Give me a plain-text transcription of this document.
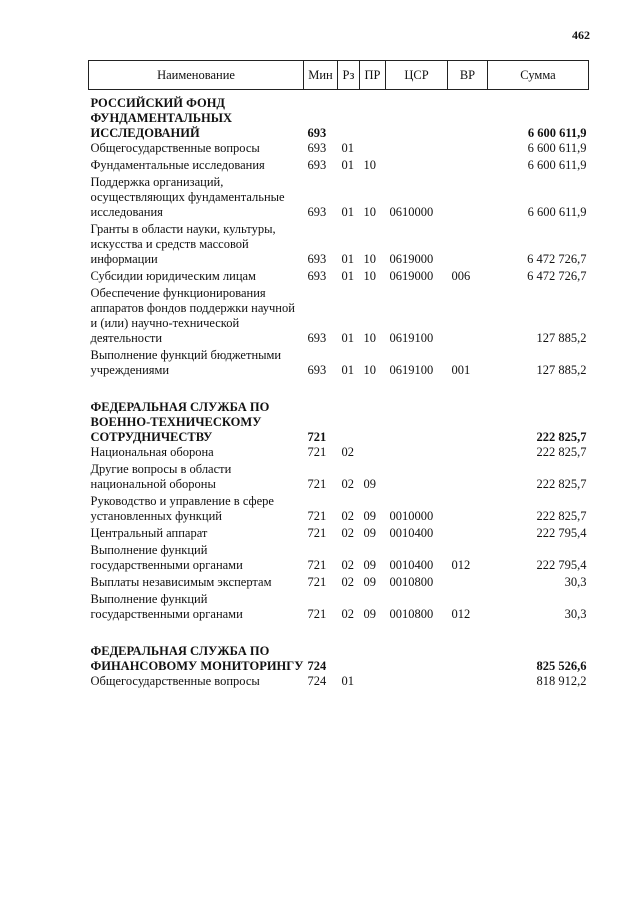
462
Наименование	Мин	Рз	ПР	ЦСР	ВР	Сумма

РОССИЙСКИЙ ФОНД ФУНДАМЕНТАЛЬНЫХ ИССЛЕДОВАНИЙ	693					6 600 611,9
Общегосударственные вопросы	693	01				6 600 611,9
Фундаментальные исследования	693	01	10			6 600 611,9
Поддержка организаций, осуществляющих фундаментальные исследования	693	01	10	0610000		6 600 611,9
Гранты в области науки, культуры, искусства и средств массовой информации	693	01	10	0619000		6 472 726,7
Субсидии юридическим лицам	693	01	10	0619000	006	6 472 726,7
Обеспечение функционирования аппаратов фондов поддержки научной и (или) научно-технической деятельности	693	01	10	0619100		127 885,2
Выполнение функций бюджетными учреждениями	693	01	10	0619100	001	127 885,2

ФЕДЕРАЛЬНАЯ СЛУЖБА ПО ВОЕННО-ТЕХНИЧЕСКОМУ СОТРУДНИЧЕСТВУ	721					222 825,7
Национальная оборона	721	02				222 825,7
Другие вопросы в области национальной обороны	721	02	09			222 825,7
Руководство и управление в сфере установленных функций	721	02	09	0010000		222 825,7
Центральный аппарат	721	02	09	0010400		222 795,4
Выполнение функций государственными органами	721	02	09	0010400	012	222 795,4
Выплаты независимым экспертам	721	02	09	0010800		30,3
Выполнение функций государственными органами	721	02	09	0010800	012	30,3

ФЕДЕРАЛЬНАЯ СЛУЖБА ПО ФИНАНСОВОМУ МОНИТОРИНГУ	724					825 526,6
Общегосударственные вопросы	724	01				818 912,2
